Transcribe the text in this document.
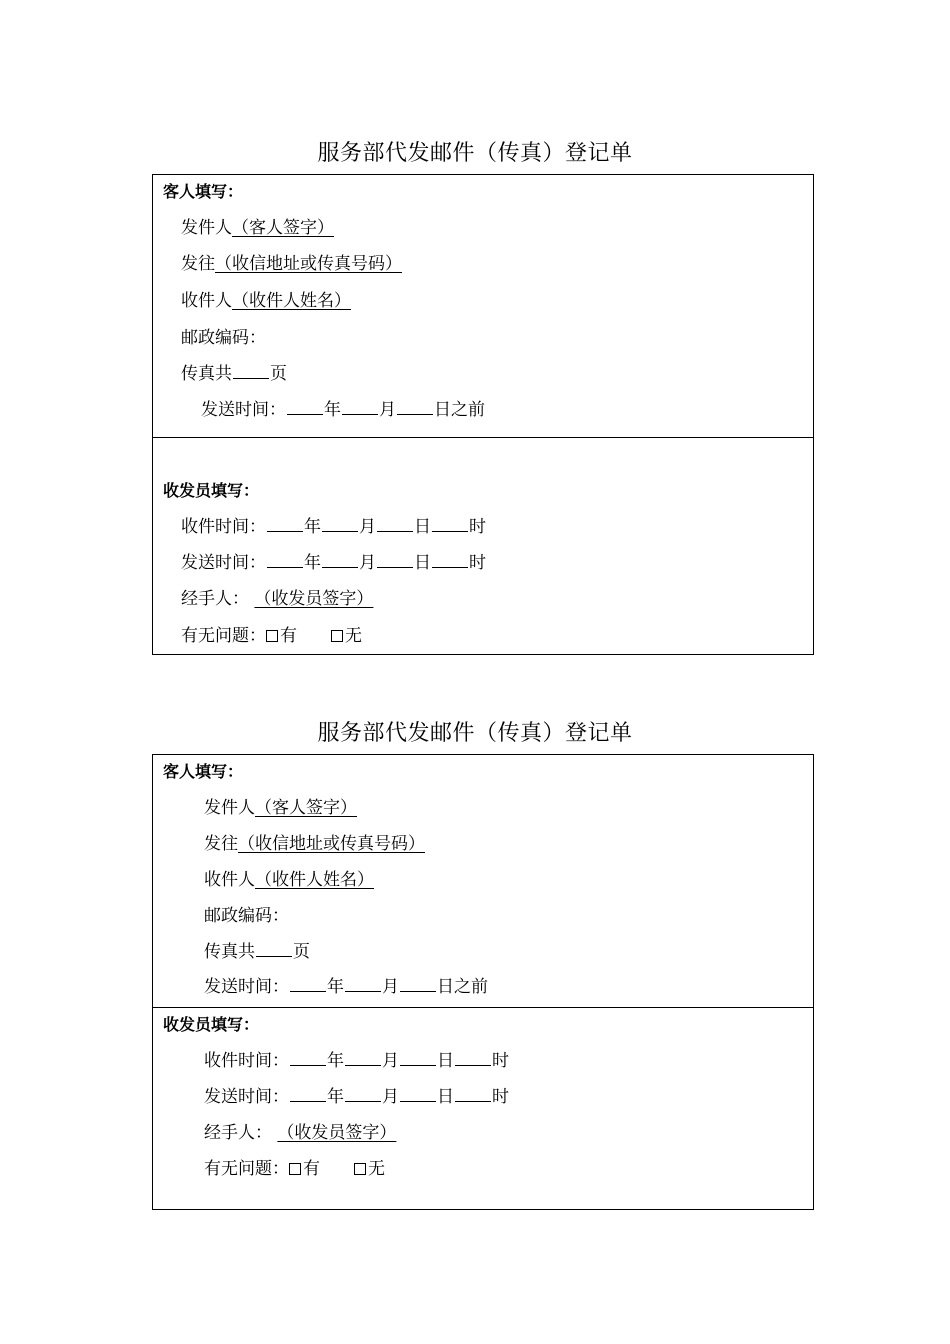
服务部代发邮件（传真）登记单
客人填写：
发件人（客人签字）
发往（收信地址或传真号码）
收件人（收件人姓名）
邮政编码：
传真共 页
发送时间： 年 月 日之前
收发员填写：
收件时间： 年 月 日 时
发送时间： 年 月 日 时
经手人： （收发员签字）
有无问题： 有	无
服务部代发邮件（传真）登记单
客人填写：
发件人（客人签字）
发往（收信地址或传真号码）
收件人（收件人姓名）
邮政编码：
传真共 页
发送时间： 年 月 日之前
收发员填写：
收件时间： 年 月 日 时
发送时间： 年 月 日 时
经手人： （收发员签字）
有无问题： 有	无
